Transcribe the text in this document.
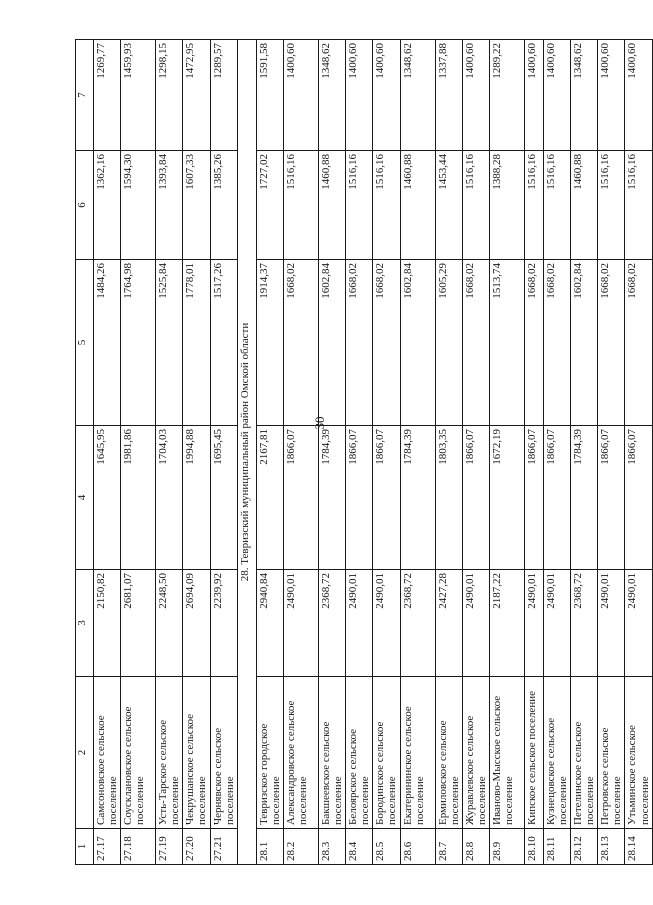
30
1	2	3	4	5	6	7
27.17	Самсоновское сельское поселение	2150,82	1645,95	1484,26	1362,16	1269,77
27.18	Соусклановское сельское поселение	2681,07	1981,86	1764,98	1594,30	1459,93
27.19	Усть-Тарское сельское поселение	2248,50	1704,03	1525,84	1393,84	1298,15
27.20	Чекрушанское сельское поселение	2694,09	1994,88	1778,01	1607,33	1472,95
27.21	Чернявское сельское поселение	2239,92	1695,45	1517,26	1385,26	1289,57
28. Тевризский муниципальный район Омской области						
28.1	Тевризское городское поселение	2940,84	2167,81	1914,37	1727,02	1591,58
28.2	Александровское сельское поселение	2490,01	1866,07	1668,02	1516,16	1400,60
28.3	Бакшеевское сельское поселение	2368,72	1784,39	1602,84	1460,88	1348,62
28.4	Белоярское сельское поселение	2490,01	1866,07	1668,02	1516,16	1400,60
28.5	Бородинское сельское поселение	2490,01	1866,07	1668,02	1516,16	1400,60
28.6	Екатерининское сельское поселение	2368,72	1784,39	1602,84	1460,88	1348,62
28.7	Ермиловское сельское поселение	2427,28	1803,35	1605,29	1453,44	1337,88
28.8	Журавлевское сельское поселение	2490,01	1866,07	1668,02	1516,16	1400,60
28.9	Иваново-Мысское сельское поселение	2187,22	1672,19	1513,74	1388,28	1289,22
28.10	Кипское сельское поселение	2490,01	1866,07	1668,02	1516,16	1400,60
28.11	Кузнецовское сельское поселение	2490,01	1866,07	1668,02	1516,16	1400,60
28.12	Петелинское сельское поселение	2368,72	1784,39	1602,84	1460,88	1348,62
28.13	Петровское сельское поселение	2490,01	1866,07	1668,02	1516,16	1400,60
28.14	Утьминское сельское поселение	2490,01	1866,07	1668,02	1516,16	1400,60
